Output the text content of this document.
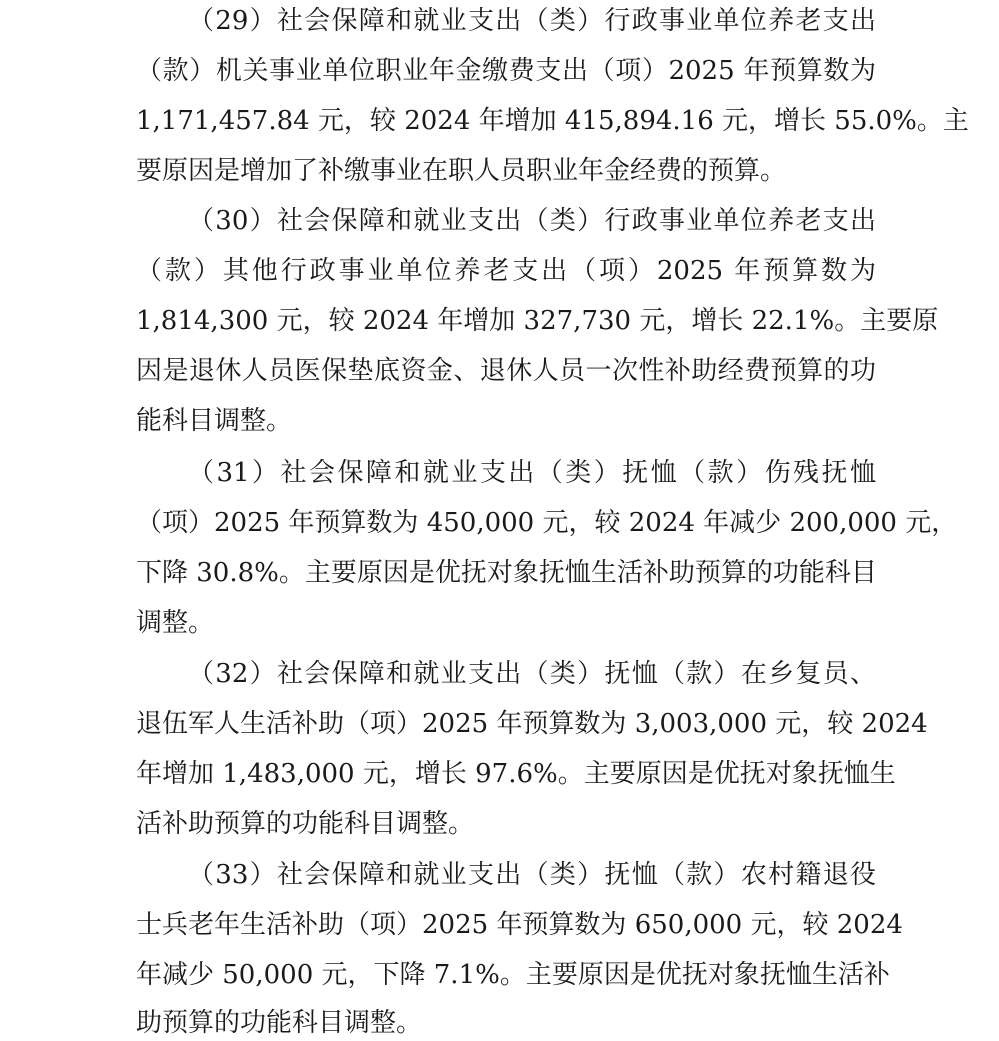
（29）社会保障和就业支出（类）行政事业单位养老支出
（款）机关事业单位职业年金缴费支出（项）2025 年预算数为
1,171,457.84 元，较 2024 年增加 415,894.16 元，增长 55.0%。主
要原因是增加了补缴事业在职人员职业年金经费的预算。
（30）社会保障和就业支出（类）行政事业单位养老支出
（款）其他行政事业单位养老支出（项）2025 年预算数为
1,814,300 元，较 2024 年增加 327,730 元，增长 22.1%。主要原
因是退休人员医保垫底资金、退休人员一次性补助经费预算的功
能科目调整。
（31）社会保障和就业支出（类）抚恤（款）伤残抚恤
（项）2025 年预算数为 450,000 元，较 2024 年减少 200,000 元，
下降 30.8%。主要原因是优抚对象抚恤生活补助预算的功能科目
调整。
（32）社会保障和就业支出（类）抚恤（款）在乡复员、
退伍军人生活补助（项）2025 年预算数为 3,003,000 元，较 2024
年增加 1,483,000 元，增长 97.6%。主要原因是优抚对象抚恤生
活补助预算的功能科目调整。
（33）社会保障和就业支出（类）抚恤（款）农村籍退役
士兵老年生活补助（项）2025 年预算数为 650,000 元，较 2024
年减少 50,000 元，下降 7.1%。主要原因是优抚对象抚恤生活补
助预算的功能科目调整。
